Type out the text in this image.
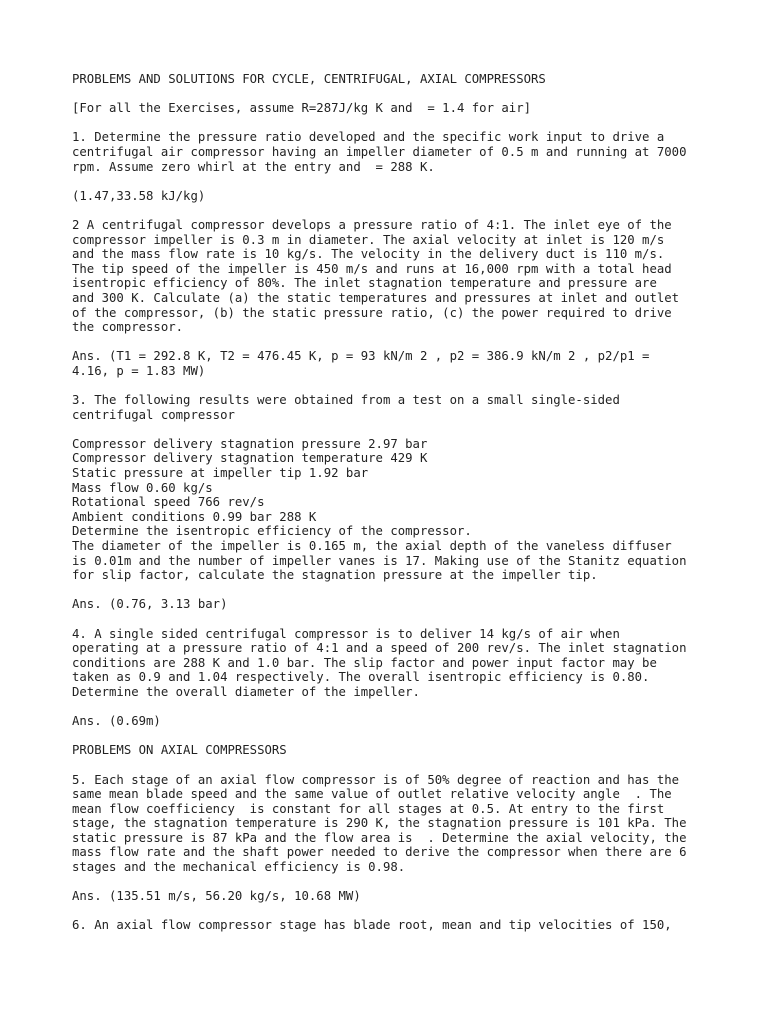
PROBLEMS AND SOLUTIONS FOR CYCLE, CENTRIFUGAL, AXIAL COMPRESSORS
[For all the Exercises, assume R=287J/kg K and  = 1.4 for air]
1. Determine the pressure ratio developed and the specific work input to drive a
centrifugal air compressor having an impeller diameter of 0.5 m and running at 7000
rpm. Assume zero whirl at the entry and  = 288 K.
(1.47,33.58 kJ/kg)
2 A centrifugal compressor develops a pressure ratio of 4:1. The inlet eye of the
compressor impeller is 0.3 m in diameter. The axial velocity at inlet is 120 m/s
and the mass flow rate is 10 kg/s. The velocity in the delivery duct is 110 m/s.
The tip speed of the impeller is 450 m/s and runs at 16,000 rpm with a total head
isentropic efficiency of 80%. The inlet stagnation temperature and pressure are
and 300 K. Calculate (a) the static temperatures and pressures at inlet and outlet
of the compressor, (b) the static pressure ratio, (c) the power required to drive
the compressor.
Ans. (T1 = 292.8 K, T2 = 476.45 K, p = 93 kN/m 2 , p2 = 386.9 kN/m 2 , p2/p1 =
4.16, p = 1.83 MW)
3. The following results were obtained from a test on a small single-sided
centrifugal compressor
Compressor delivery stagnation pressure 2.97 bar
Compressor delivery stagnation temperature 429 K
Static pressure at impeller tip 1.92 bar
Mass flow 0.60 kg/s
Rotational speed 766 rev/s
Ambient conditions 0.99 bar 288 K
Determine the isentropic efficiency of the compressor.
The diameter of the impeller is 0.165 m, the axial depth of the vaneless diffuser
is 0.01m and the number of impeller vanes is 17. Making use of the Stanitz equation
for slip factor, calculate the stagnation pressure at the impeller tip.
Ans. (0.76, 3.13 bar)
4. A single sided centrifugal compressor is to deliver 14 kg/s of air when
operating at a pressure ratio of 4:1 and a speed of 200 rev/s. The inlet stagnation
conditions are 288 K and 1.0 bar. The slip factor and power input factor may be
taken as 0.9 and 1.04 respectively. The overall isentropic efficiency is 0.80.
Determine the overall diameter of the impeller.
Ans. (0.69m)
PROBLEMS ON AXIAL COMPRESSORS
5. Each stage of an axial flow compressor is of 50% degree of reaction and has the
same mean blade speed and the same value of outlet relative velocity angle  . The
mean flow coefficiency  is constant for all stages at 0.5. At entry to the first
stage, the stagnation temperature is 290 K, the stagnation pressure is 101 kPa. The
static pressure is 87 kPa and the flow area is  . Determine the axial velocity, the
mass flow rate and the shaft power needed to derive the compressor when there are 6
stages and the mechanical efficiency is 0.98.
Ans. (135.51 m/s, 56.20 kg/s, 10.68 MW)
6. An axial flow compressor stage has blade root, mean and tip velocities of 150,
